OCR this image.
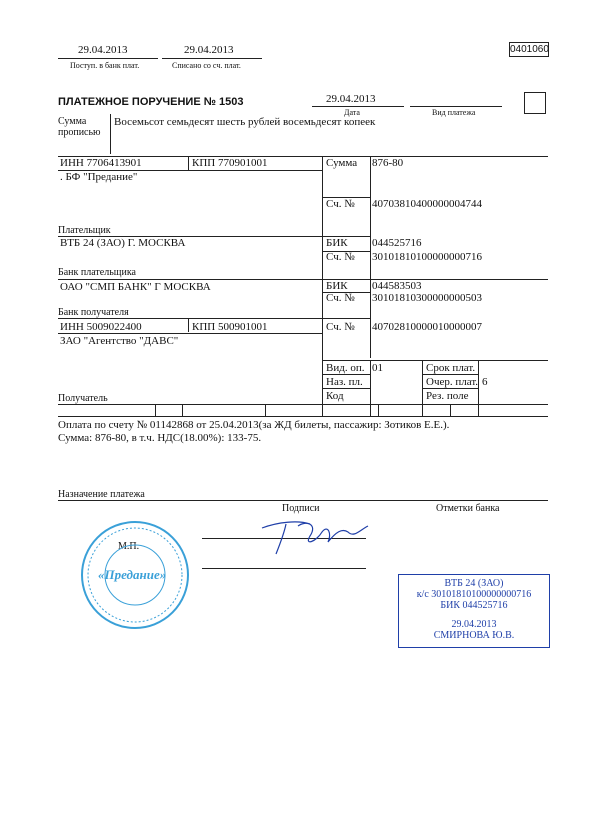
29.04.2013
Поступ. в банк плат.
29.04.2013
Списано со сч. плат.
0401060
ПЛАТЕЖНОЕ ПОРУЧЕНИЕ № 1503	29.04.2013
Дата	Вид платежа
Сумма
прописью
Восемьсот семьдесят шесть рублей восемьдесят копеек
ИНН 7706413901	КПП 770901001
. БФ "Предание"
Плательщик
Сумма 876-80
Сч. № 40703810400000004744
ВТБ 24 (ЗАО) Г. МОСКВА
Банк плательщика
БИК 044525716
Сч. № 30101810100000000716
ОАО "СМП БАНК" Г МОСКВА
Банк получателя
БИК 044583503
Сч. № 30101810300000000503
ИНН 5009022400	КПП 500901001
ЗАО "Агентство "ДАВС"
Сч. № 40702810000010000007
Вид. оп. 01	Срок плат.
Наз. пл.	Очер. плат. 6
Код	Рез. поле
Получатель
Оплата по счету № 01142868 от 25.04.2013(за ЖД билеты, пассажир: Зотиков Е.Е.).
Сумма: 876-80, в т.ч. НДС(18.00%): 133-75.
Назначение платежа
Подписи	Отметки банка
М.П.
«Предание»
ВТБ 24 (ЗАО)
к/с 30101810100000000716
БИК 044525716
29.04.2013
СМИРНОВА Ю.В.
